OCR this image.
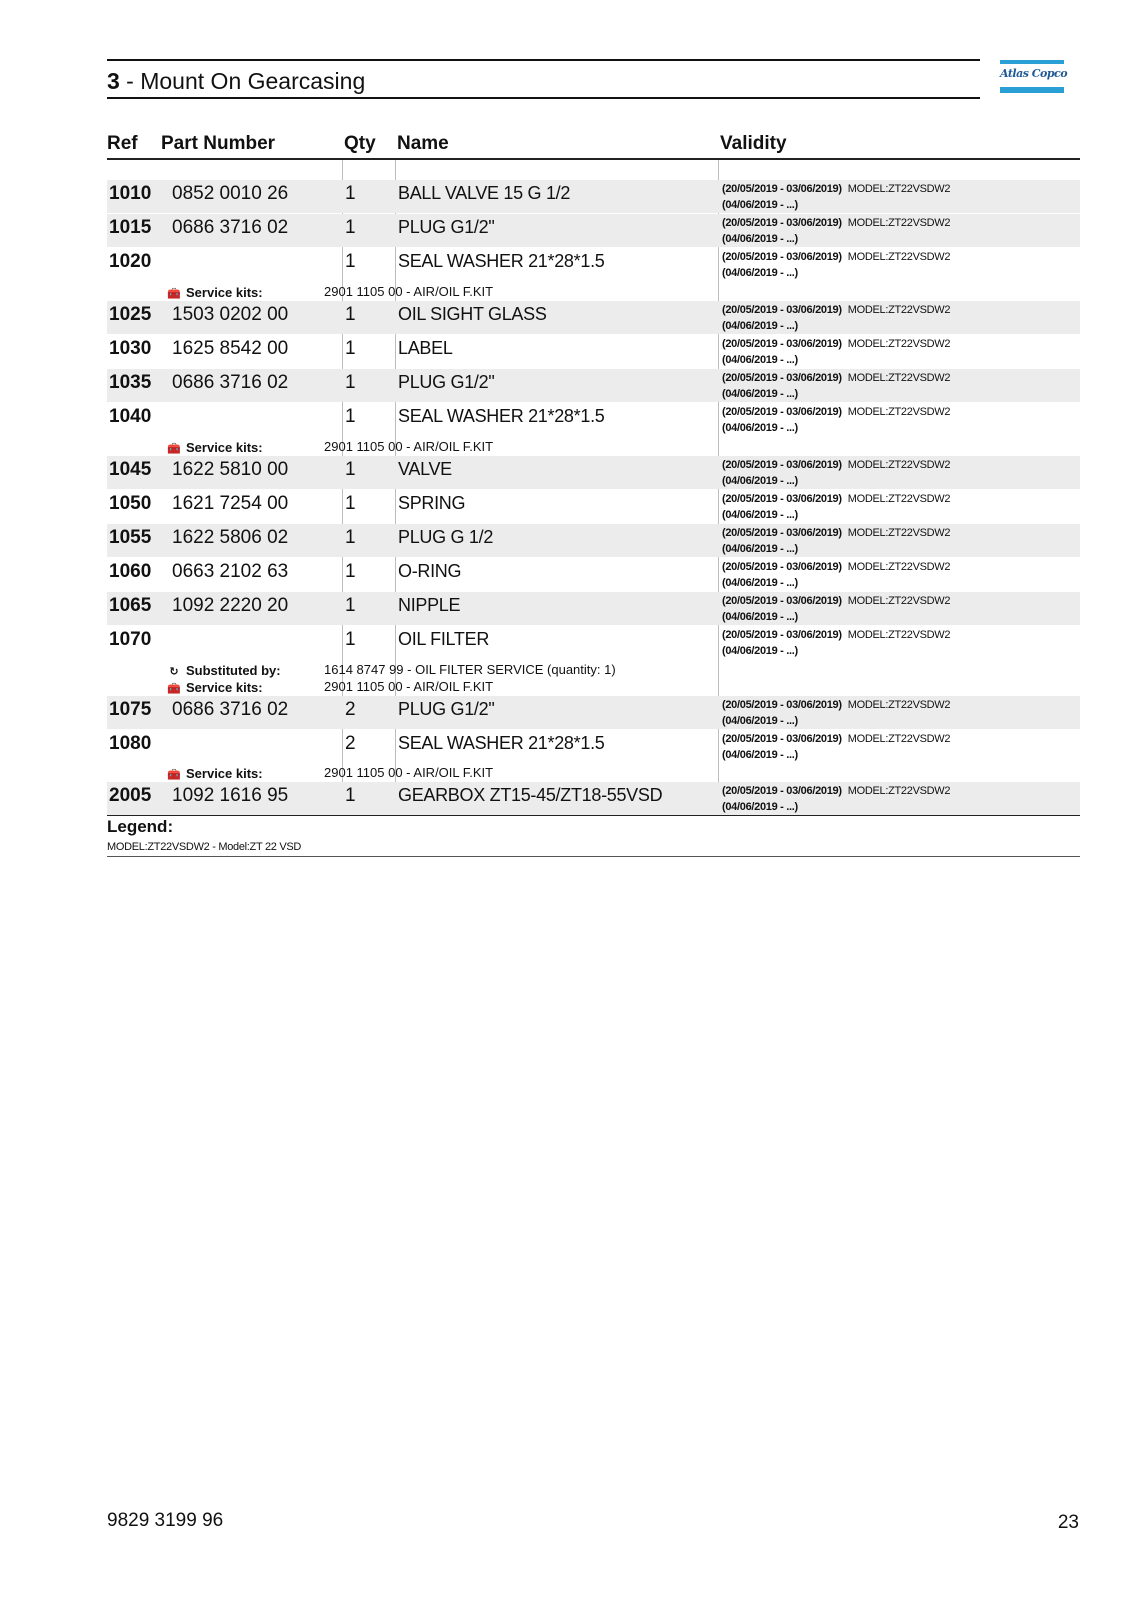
3 - Mount On Gearcasing	Atlas Copco
Ref Part Number	Qty Name	Validity
1010 0852 0010 26	1 BALL VALVE 15 G 1/2	(20/05/2019 - 03/06/2019) MODEL:ZT22VSDW2
(04/06/2019 - ...)
1015 0686 3716 02	1 PLUG G1/2"	(20/05/2019 - 03/06/2019) MODEL:ZT22VSDW2
(04/06/2019 - ...)
1020	1 SEAL WASHER 21*28*1.5	(20/05/2019 - 03/06/2019) MODEL:ZT22VSDW2
(04/06/2019 - ...)
🧰 Service kits:	2901 1105 00 - AIR/OIL F.KIT
1025 1503 0202 00	1 OIL SIGHT GLASS	(20/05/2019 - 03/06/2019) MODEL:ZT22VSDW2
(04/06/2019 - ...)
1030 1625 8542 00	1 LABEL	(20/05/2019 - 03/06/2019) MODEL:ZT22VSDW2
(04/06/2019 - ...)
1035 0686 3716 02	1 PLUG G1/2"	(20/05/2019 - 03/06/2019) MODEL:ZT22VSDW2
(04/06/2019 - ...)
1040	1 SEAL WASHER 21*28*1.5	(20/05/2019 - 03/06/2019) MODEL:ZT22VSDW2
(04/06/2019 - ...)
🧰 Service kits:	2901 1105 00 - AIR/OIL F.KIT
1045 1622 5810 00	1 VALVE	(20/05/2019 - 03/06/2019) MODEL:ZT22VSDW2
(04/06/2019 - ...)
1050 1621 7254 00	1 SPRING	(20/05/2019 - 03/06/2019) MODEL:ZT22VSDW2
(04/06/2019 - ...)
1055 1622 5806 02	1 PLUG G 1/2	(20/05/2019 - 03/06/2019) MODEL:ZT22VSDW2
(04/06/2019 - ...)
1060 0663 2102 63	1 O-RING	(20/05/2019 - 03/06/2019) MODEL:ZT22VSDW2
(04/06/2019 - ...)
1065 1092 2220 20	1 NIPPLE	(20/05/2019 - 03/06/2019) MODEL:ZT22VSDW2
(04/06/2019 - ...)
1070	1 OIL FILTER	(20/05/2019 - 03/06/2019) MODEL:ZT22VSDW2
(04/06/2019 - ...)
↻ Substituted by:	1614 8747 99 - OIL FILTER SERVICE (quantity: 1)
🧰 Service kits:	2901 1105 00 - AIR/OIL F.KIT
1075 0686 3716 02	2 PLUG G1/2"	(20/05/2019 - 03/06/2019) MODEL:ZT22VSDW2
(04/06/2019 - ...)
1080	2 SEAL WASHER 21*28*1.5	(20/05/2019 - 03/06/2019) MODEL:ZT22VSDW2
(04/06/2019 - ...)
🧰 Service kits:	2901 1105 00 - AIR/OIL F.KIT
2005 1092 1616 95	1 GEARBOX ZT15-45/ZT18-55VSD	(20/05/2019 - 03/06/2019) MODEL:ZT22VSDW2
(04/06/2019 - ...)
Legend:
MODEL:ZT22VSDW2 - Model:ZT 22 VSD
9829 3199 96	23
